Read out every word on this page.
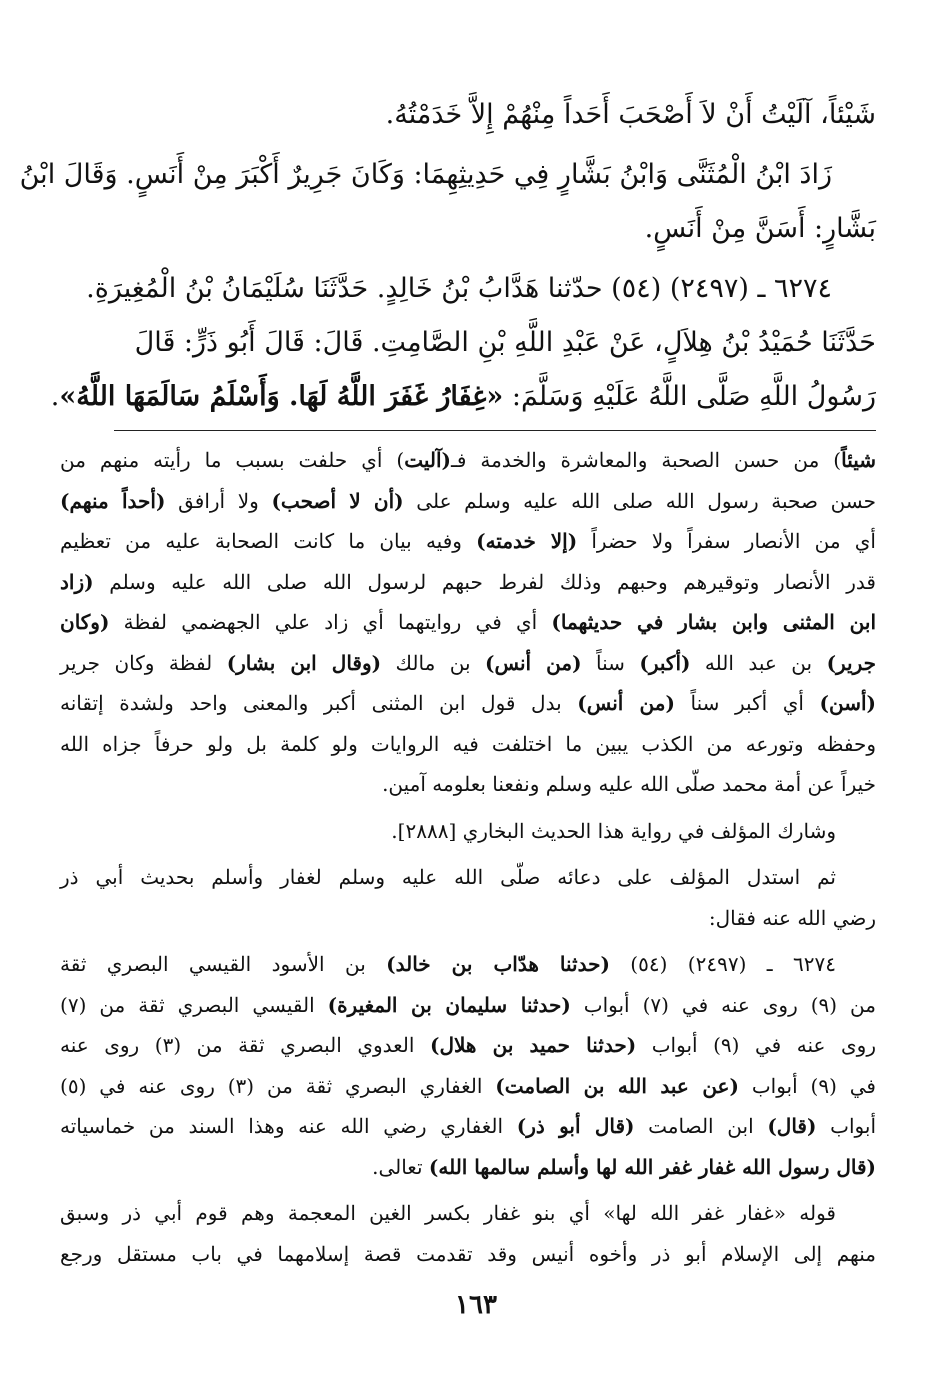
شَيْئاً، آلَيْتُ أَنْ لاَ أَصْحَبَ أَحَداً مِنْهُمْ إِلاَّ خَدَمْتُهُ.
زَادَ ابْنُ الْمُثَنَّى وَابْنُ بَشَّارٍ فِي حَدِيثِهِمَا: وَكَانَ جَرِيرٌ أَكْبَرَ مِنْ أَنَسٍ. وَقَالَ ابْنُ
بَشَّارٍ: أَسَنَّ مِنْ أَنَسٍ.
٦٢٧٤ ـ (٢٤٩٧) (٥٤) حدّثنا هَدَّابُ بْنُ خَالِدٍ. حَدَّثَنَا سُلَيْمَانُ بْنُ الْمُغِيرَةِ.
حَدَّثَنَا حُمَيْدُ بْنُ هِلاَلٍ، عَنْ عَبْدِ اللَّهِ بْنِ الصَّامِتِ. قَالَ: قَالَ أَبُو ذَرٍّ: قَالَ
رَسُولُ اللَّهِ صَلَّى اللَّهُ عَلَيْهِ وَسَلَّمَ: «غِفَارُ غَفَرَ اللَّهُ لَهَا. وَأَسْلَمُ سَالَمَهَا اللَّهُ».
شيئاً) من حسن الصحبة والمعاشرة والخدمة فـ(آليت) أي حلفت بسبب ما رأيته منهم من
حسن صحبة رسول الله صلى الله عليه وسلم على (أن لا أصحب) ولا أرافق (أحداً منهم)
أي من الأنصار سفراً ولا حضراً (إلا خدمته) وفيه بيان ما كانت الصحابة عليه من تعظيم
قدر الأنصار وتوقيرهم وحبهم وذلك لفرط حبهم لرسول الله صلى الله عليه وسلم (زاد
ابن المثنى وابن بشار في حديثهما) أي في روايتهما أي زاد علي الجهضمي لفظة (وكان
جرير) بن عبد الله (أكبر) سناً (من أنس) بن مالك (وقال ابن بشار) لفظة وكان جرير
(أسن) أي أكبر سناً (من أنس) بدل قول ابن المثنى أكبر والمعنى واحد ولشدة إتقانه
وحفظه وتورعه من الكذب يبين ما اختلفت فيه الروايات ولو كلمة بل ولو حرفاً جزاه الله
خيراً عن أمة محمد صلّى الله عليه وسلم ونفعنا بعلومه آمين.
وشارك المؤلف في رواية هذا الحديث البخاري [٢٨٨٨].
ثم استدل المؤلف على دعائه صلّى الله عليه وسلم لغفار وأسلم بحديث أبي ذر
رضي الله عنه فقال:
٦٢٧٤ ـ (٢٤٩٧) (٥٤) (حدثنا هدّاب بن خالد) بن الأسود القيسي البصري ثقة
من (٩) روى عنه في (٧) أبواب (حدثنا سليمان بن المغيرة) القيسي البصري ثقة من (٧)
روى عنه في (٩) أبواب (حدثنا حميد بن هلال) العدوي البصري ثقة من (٣) روى عنه
في (٩) أبواب (عن عبد الله بن الصامت) الغفاري البصري ثقة من (٣) روى عنه في (٥)
أبواب (قال) ابن الصامت (قال أبو ذر) الغفاري رضي الله عنه وهذا السند من خماسياته
(قال رسول الله غفار غفر الله لها وأسلم سالمها الله) تعالى.
قوله «غفار غفر الله لها» أي بنو غفار بكسر الغين المعجمة وهم قوم أبي ذر وسبق
منهم إلى الإسلام أبو ذر وأخوه أنيس وقد تقدمت قصة إسلامهما في باب مستقل ورجع
١٦٣
